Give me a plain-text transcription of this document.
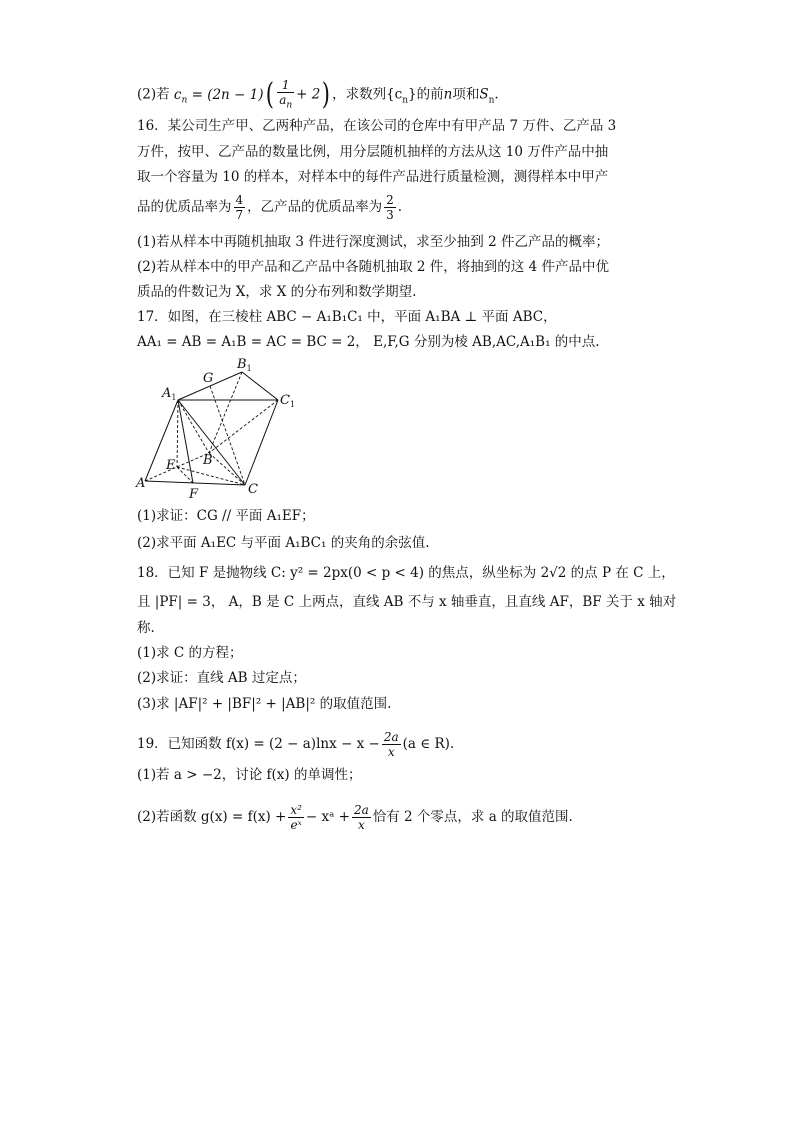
(2)若 $c_n = (2n - 1)( \frac{1}{a_n} + 2)$ ，求数列$\{c_n\}$的前n项和$S_n$.
16．某公司生产甲、乙两种产品，在该公司的仓库中有甲产品 7 万件、乙产品 3
万件，按甲、乙产品的数量比例，用分层随机抽样的方法从这 10 万件产品中抽
取一个容量为 10 的样本，对样本中的每件产品进行质量检测，测得样本中甲产
品的优质品率为 $\frac{4}{7}$ ，乙产品的优质品率为 $\frac{2}{3}$ .
(1)若从样本中再随机抽取 3 件进行深度测试，求至少抽到 2 件乙产品的概率；
(2)若从样本中的甲产品和乙产品中各随机抽取 2 件，将抽到的这 4 件产品中优
质品的件数记为 X，求 X 的分布列和数学期望.
17．如图，在三棱柱 ABC − A₁B₁C₁ 中，平面 A₁BA ⊥ 平面 ABC，
AA₁ = AB = A₁B = AC = BC = 2， E,F,G 分别为棱 AB,AC,A₁B₁ 的中点.
A
$A_1$
B
$B_1$
C
$C_1$
E
F
G
(1)求证：CG // 平面 A₁EF；
(2)求平面 A₁EC 与平面 A₁BC₁ 的夹角的余弦值.
18．已知 F 是抛物线 C: y² = 2px(0 < p < 4) 的焦点，纵坐标为 2√2 的点 P 在 C 上，
且 |PF| = 3， A，B 是 C 上两点，直线 AB 不与 x 轴垂直，且直线 AF，BF 关于 x 轴对
称.
(1)求 C 的方程；
(2)求证：直线 AB 过定点；
(3)求 |AF|² + |BF|² + |AB|² 的取值范围.
19．已知函数 $f(x) = (2 - a)\ln x - x - \frac{2a}{x} (a$ ∈ R).
(1)若 a > −2，讨论 f(x) 的单调性；
(2)若函数 $g(x) = f(x) + \frac{\text{x²}}{\text{eˣ}}$ − xᵃ + $\frac{2a}{x}$ 恰有 2 个零点，求 a 的取值范围.
